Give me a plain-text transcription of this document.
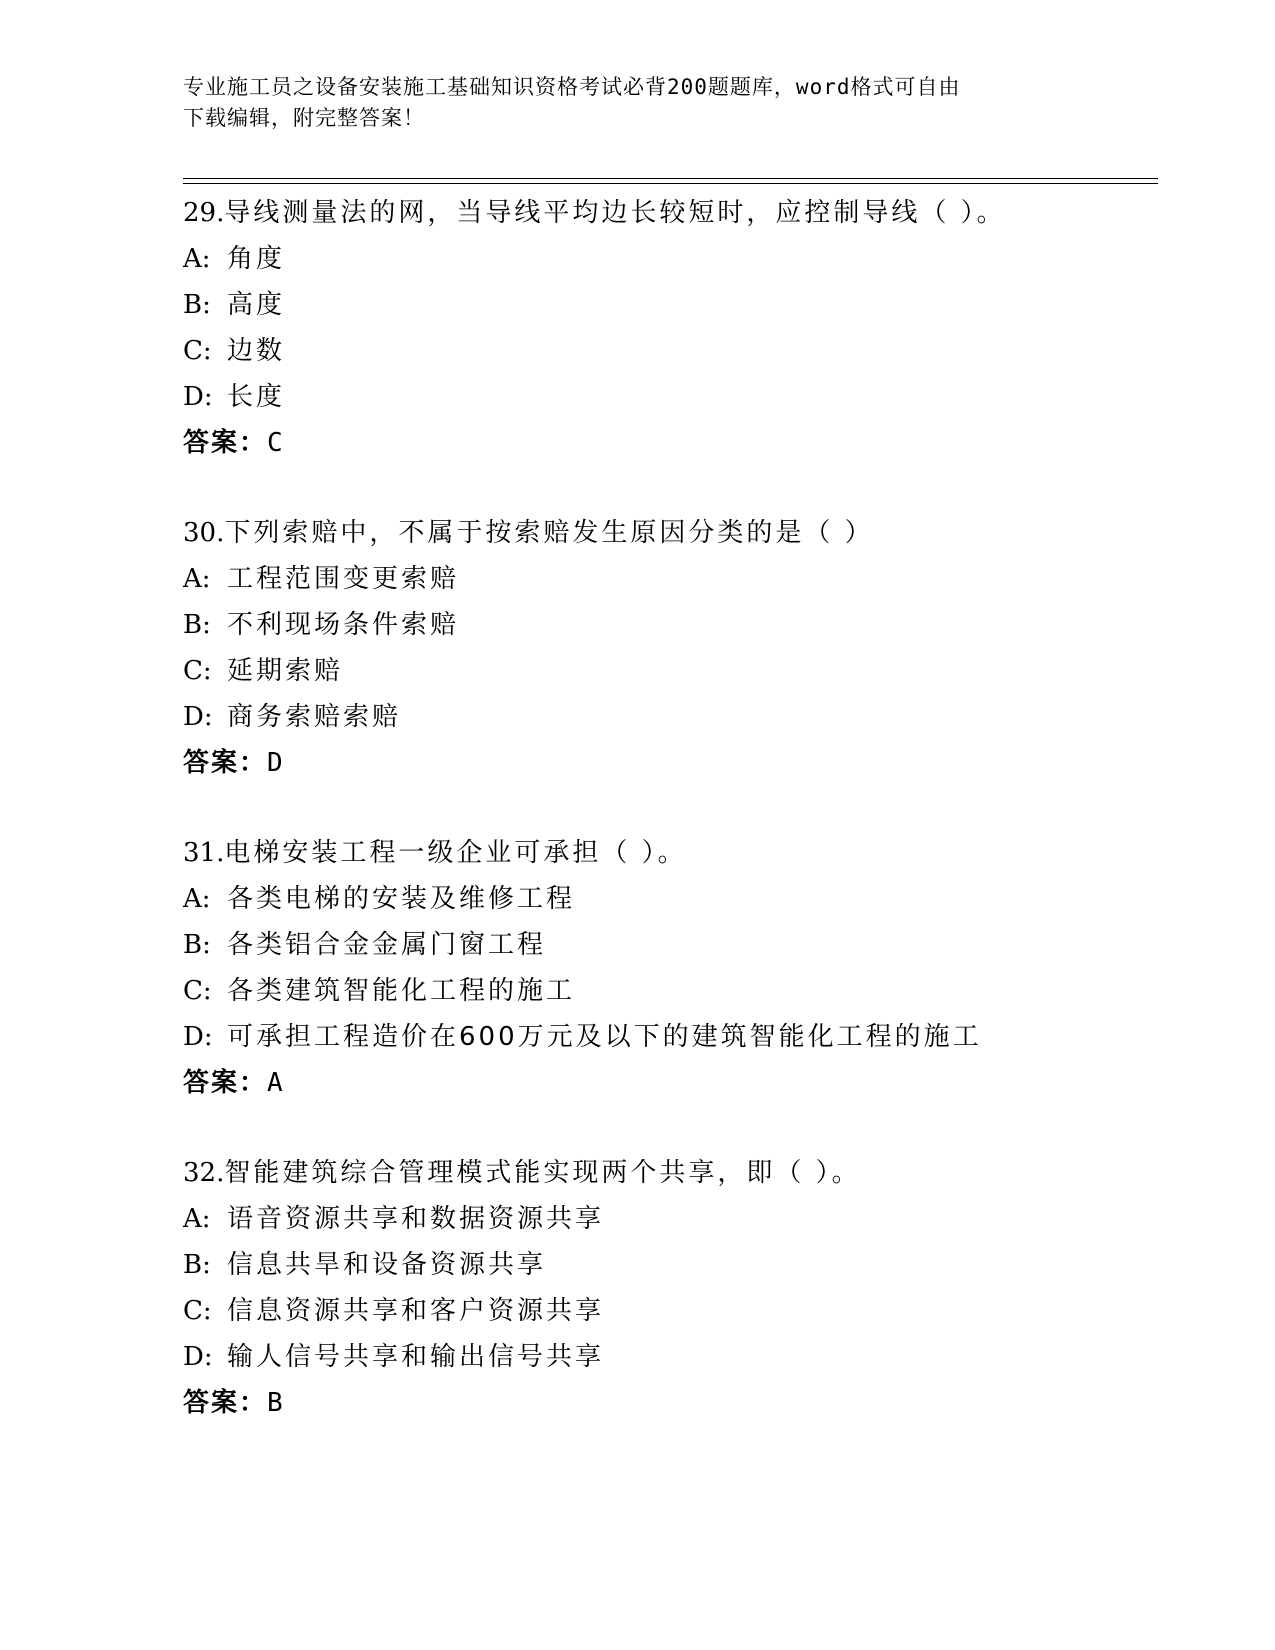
专业施工员之设备安装施工基础知识资格考试必背200题题库，word格式可自由
下载编辑，附完整答案！
29.导线测量法的网，当导线平均边长较短时，应控制导线（ ）。
A: 角度
B: 高度
C: 边数
D: 长度
答案：C
30.下列索赔中，不属于按索赔发生原因分类的是（ ）
A: 工程范围变更索赔
B: 不利现场条件索赔
C: 延期索赔
D: 商务索赔索赔
答案：D
31.电梯安装工程一级企业可承担（ ）。
A: 各类电梯的安装及维修工程
B: 各类铝合金金属门窗工程
C: 各类建筑智能化工程的施工
D: 可承担工程造价在600万元及以下的建筑智能化工程的施工
答案：A
32.智能建筑综合管理模式能实现两个共享，即（ ）。
A: 语音资源共享和数据资源共享
B: 信息共旱和设备资源共享
C: 信息资源共享和客户资源共享
D: 输人信号共享和输出信号共享
答案：B
